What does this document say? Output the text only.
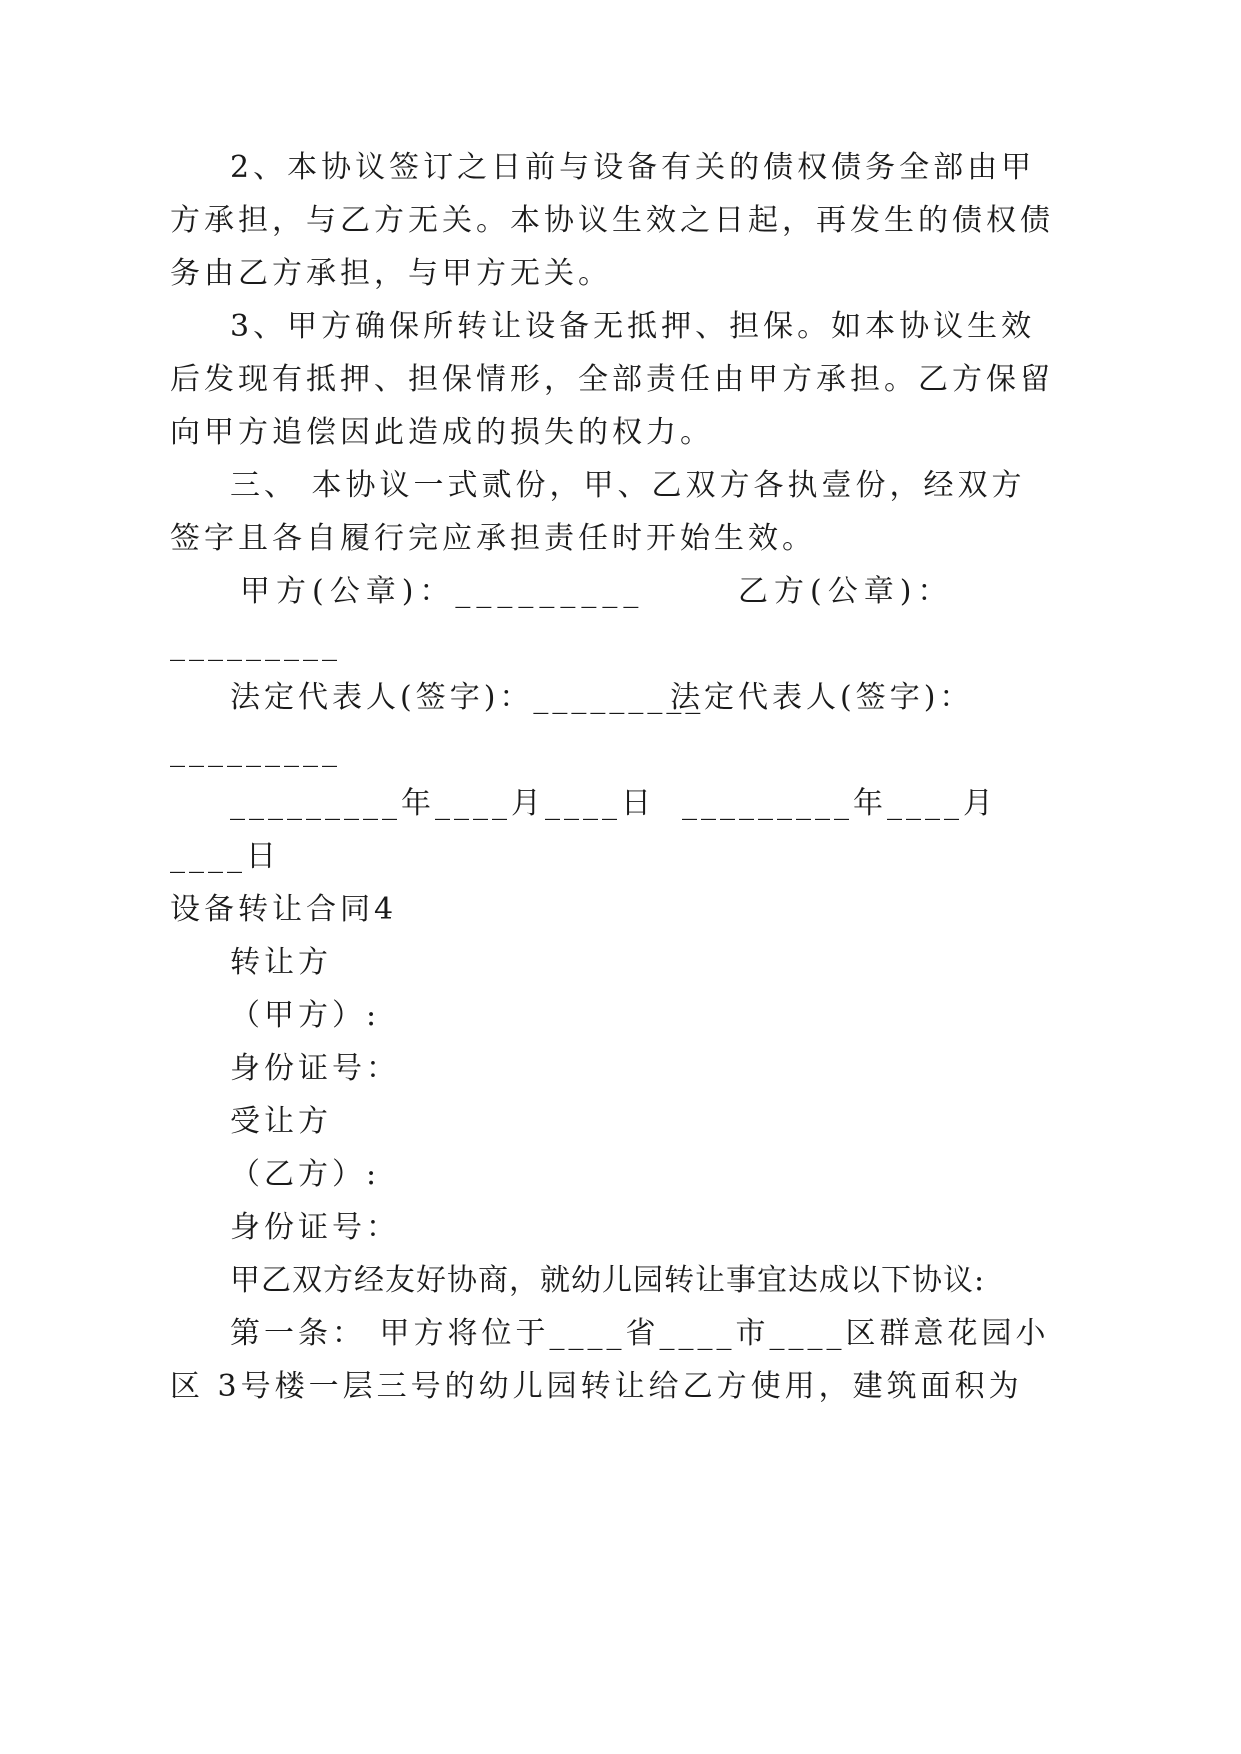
2、本协议签订之日前与设备有关的债权债务全部由甲
方承担，与乙方无关。本协议生效之日起，再发生的债权债
务由乙方承担，与甲方无关。
3、甲方确保所转让设备无抵押、担保。如本协议生效
后发现有抵押、担保情形，全部责任由甲方承担。乙方保留
向甲方追偿因此造成的损失的权力。
三、 本协议一式贰份，甲、乙双方各执壹份，经双方
签字且各自履行完应承担责任时开始生效。
甲方(公章)：_________	乙方(公章)：
_________
法定代表人(签字)：_________
法定代表人(签字)：
_________
_________年____月____日 _________年____月
____日
设备转让合同4
转让方
（甲方）:
身份证号：
受让方
（乙方）:
身份证号：
甲乙双方经友好协商，就幼儿园转让事宜达成以下协议:
第一条： 甲方将位于____省____市____区群意花园小
区 3号楼一层三号的幼儿园转让给乙方使用，建筑面积为
